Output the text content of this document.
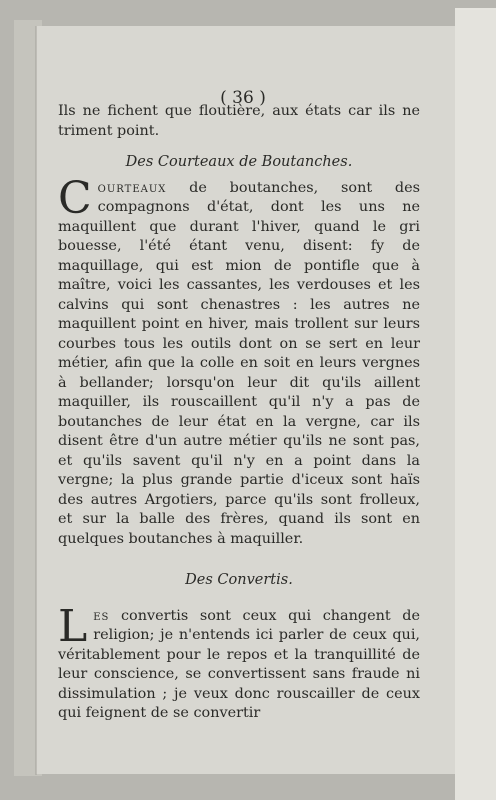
( 36 )

Ils ne fichent que floutière, aux états car ils ne triment point.

Des Courteaux de Boutanches.

Courteaux de boutanches, sont des compagnons d'état, dont les uns ne maquillent que durant l'hiver, quand le gri bouesse, l'été étant venu, disent: fy de maquillage, qui est mion de pontifle que à maître, voici les cassantes, les verdouses et les calvins qui sont chenastres : les autres ne maquillent point en hiver, mais trollent sur leurs courbes tous les outils dont on se sert en leur métier, afin que la colle en soit en leurs vergnes à bellander; lorsqu'on leur dit qu'ils aillent maquiller, ils rouscaillent qu'il n'y a pas de boutanches de leur état en la vergne, car ils disent être d'un autre métier qu'ils ne sont pas, et qu'ils savent qu'il n'y en a point dans la vergne; la plus grande partie d'iceux sont haïs des autres Argotiers, parce qu'ils sont frolleux, et sur la balle des frères, quand ils sont en quelques boutanches à maquiller.

Des Convertis.

Les convertis sont ceux qui changent de religion; je n'entends ici parler de ceux qui, véritablement pour le repos et la tranquillité de leur conscience, se convertissent sans fraude ni dissimulation ; je veux donc rouscailler de ceux qui feignent de se convertir
